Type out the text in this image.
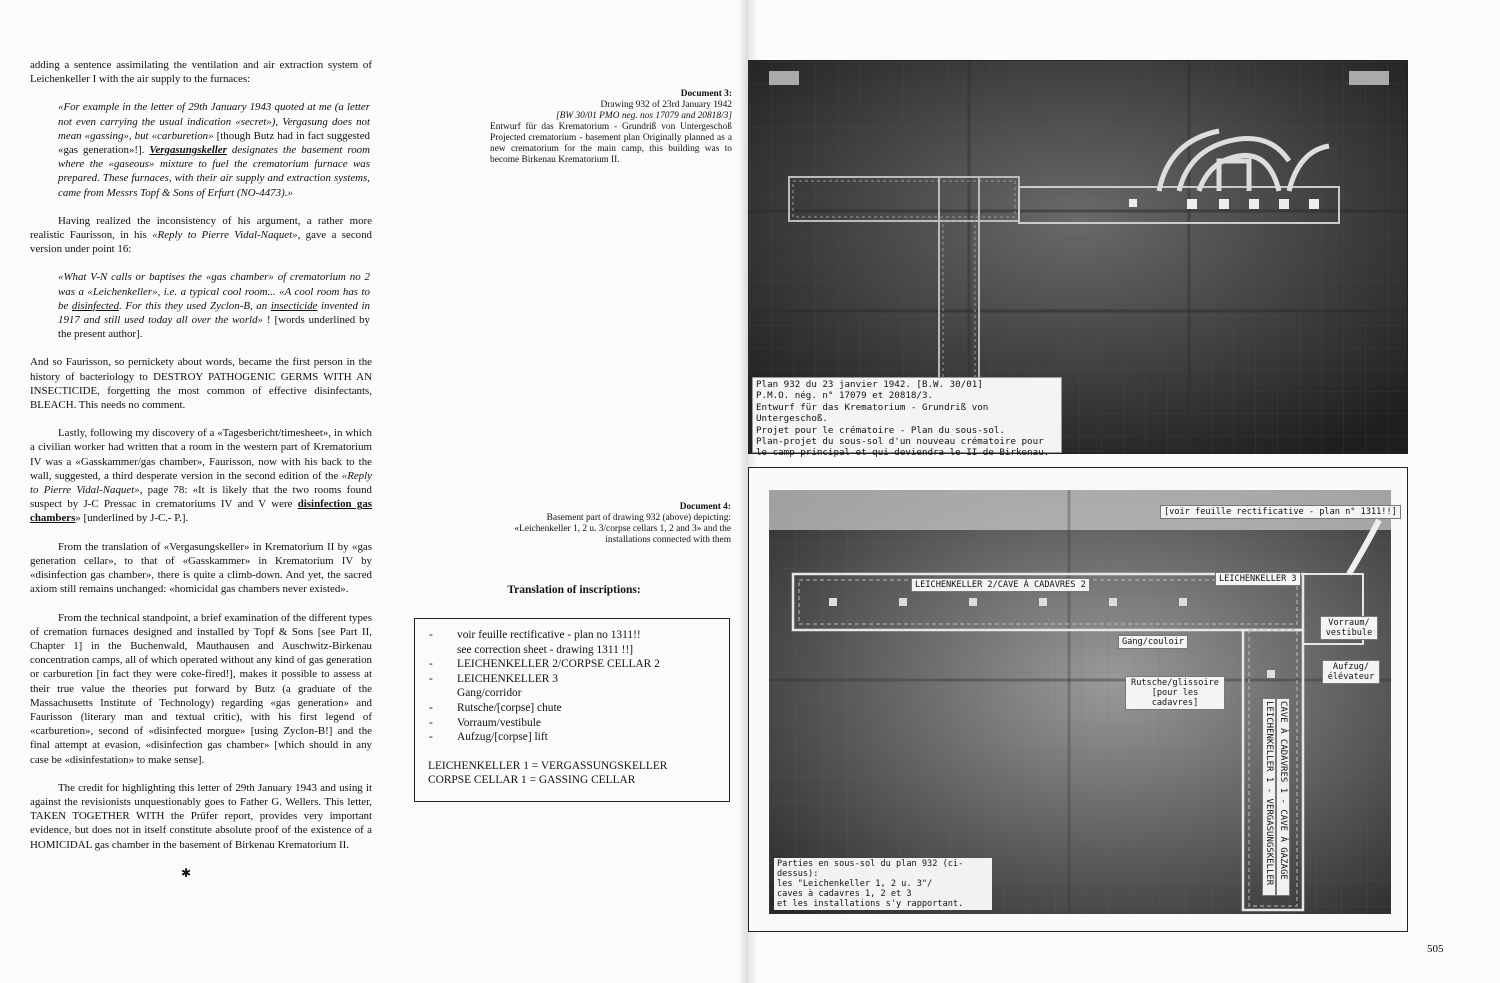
adding a sentence assimilating the ventilation and air extraction system of Leichenkeller I with the air supply to the furnaces:

«For example in the letter of 29th January 1943 quoted at me (a letter not even carrying the usual indication «secret»), Vergasung does not mean «gassing», but «carburetion» [though Butz had in fact suggested «gas generation»!]. Vergasungskeller designates the basement room where the «gaseous» mixture to fuel the crematorium furnace was prepared. These furnaces, with their air supply and extraction systems, came from Messrs Topf & Sons of Erfurt (NO-4473).»

Having realized the inconsistency of his argument, a rather more realistic Faurisson, in his «Reply to Pierre Vidal-Naquet», gave a second version under point 16:

«What V-N calls or baptises the «gas chamber» of crematorium no 2 was a «Leichenkeller», i.e. a typical cool room... «A cool room has to be disinfected. For this they used Zyclon-B, an insecticide invented in 1917 and still used today all over the world» ! [words underlined by the present author].

And so Faurisson, so pernickety about words, became the first person in the history of bacteriology to DESTROY PATHOGENIC GERMS WITH AN INSECTICIDE, forgetting the most common of effective disinfectants, BLEACH. This needs no comment.

Lastly, following my discovery of a «Tagesbericht/timesheet», in which a civilian worker had written that a room in the western part of Krematorium IV was a «Gasskammer/gas chamber», Faurisson, now with his back to the wall, suggested, a third desperate version in the second edition of the «Reply to Pierre Vidal-Naquet», page 78: «It is likely that the two rooms found suspect by J-C Pressac in crematoriums IV and V were disinfection gas chambers» [underlined by J-C.- P.].

From the translation of «Vergasungskeller» in Krematorium II by «gas generation cellar», to that of «Gasskammer» in Krematorium IV by «disinfection gas chamber», there is quite a climb-down. And yet, the sacred axiom still remains unchanged: «homicidal gas chambers never existed».

From the technical standpoint, a brief examination of the different types of cremation furnaces designed and installed by Topf & Sons [see Part II, Chapter 1] in the Buchenwald, Mauthausen and Auschwitz-Birkenau concentration camps, all of which operated without any kind of gas generation or carburetion [in fact they were coke-fired!], makes it possible to assess at their true value the theories put forward by Butz (a graduate of the Massachusetts Institute of Technology) regarding «gas generation» and Faurisson (literary man and textual critic), with his first legend of «carburetion», second of «disinfected morgue» [using Zyclon-B!] and the final attempt at evasion, «disinfection gas chamber» [which should in any case be «disinfestation» to make sense].

The credit for highlighting this letter of 29th January 1943 and using it against the revisionists unquestionably goes to Father G. Wellers. This letter, TAKEN TOGETHER WITH the Prüfer report, provides very important evidence, but does not in itself constitute absolute proof of the existence of a HOMICIDAL gas chamber in the basement of Birkenau Krematorium II.

✱
Document 3:
Drawing 932 of 23rd January 1942
[BW 30/01 PMO neg. nos 17079 and 20818/3]
Entwurf für das Krematorium - Grundriß von Untergeschoß Projected crematorium - basement plan Originally planned as a new crematorium for the main camp, this building was to become Birkenau Krematorium II.
Plan 932 du 23 janvier 1942. [B.W. 30/01]
P.M.O. nég. n° 17079 et 20818/3.
Entwurf für das Krematorium - Grundriß von Untergeschoß.
Projet pour le crématoire - Plan du sous-sol.
Plan-projet du sous-sol d'un nouveau crématoire pour
le camp principal et qui deviendra le II de Birkenau.
Document 4:
Basement part of drawing 932 (above) depicting: «Leichenkeller 1, 2 u. 3/corpse cellars 1, 2 and 3» and the installations connected with them
Translation of inscriptions:
-	voir feuille rectificative - plan no 1311!!
see correction sheet - drawing 1311 !!]
-	LEICHENKELLER 2/CORPSE CELLAR 2
-	LEICHENKELLER 3
Gang/corridor
-	Rutsche/[corpse] chute
-	Vorraum/vestibule
-	Aufzug/[corpse] lift
LEICHENKELLER 1 = VERGASSUNGSKELLER
CORPSE CELLAR 1 = GASSING CELLAR
[voir feuille rectificative - plan n° 1311!!]
LEICHENKELLER 2/CAVE À CADAVRES 2
LEICHENKELLER 3
Vorraum/ vestibule
Gang/couloir
Aufzug/ élévateur
Rutsche/glissoire [pour les cadavres]	LEICHENKELLER 1 - VERGASUNGSKELLER CAVE À CADAVRES 1 - CAVE À GAZAGE
Parties en sous-sol du plan 932 (ci-dessus):
les "Leichenkeller 1, 2 u. 3"/
caves à cadavres 1, 2 et 3
et les installations s'y rapportant.
505
